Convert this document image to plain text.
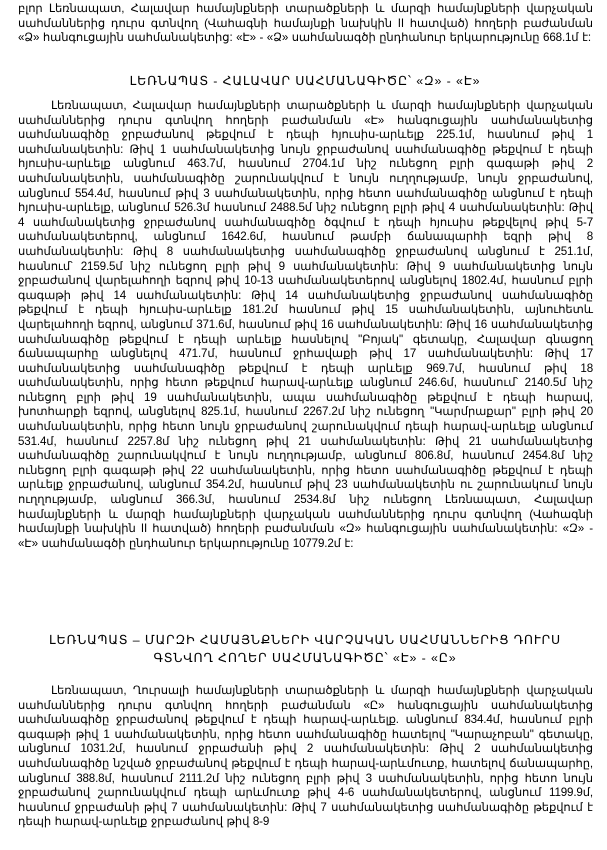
բլոր Լեռնապատ, Հալավար համայնքների տարածքների և մարզի համայնքների վարչական սահմաններից դուրս գտնվող (Վահագնի համայնքի նախկին II հատված) հողերի բաժանման «Ձ» հանգուցային սահմանակետից: «Է» - «Ձ» սահմանագծի ընդհանուր երկարությունը 668.1մ է:
ԼԵՌՆԱՊԱՏ - ՀԱԼԱՎԱՐ ՍԱՀՄԱՆԱԳԻԾԸ՝ «Զ» - «Է»
Լեռնապատ, Հալավար համայնքների տարածքների և մարզի համայնքների վարչական սահմաններից դուրս գտնվող հողերի բաժանման «Է» հանգուցային սահմանակետից սահմանագիծը ջրբաժանով թեքվում է դեպի հյուսիս-արևելք 225.1մ, հասնում թիվ 1 սահմանակետին: Թիվ 1 սահմանակետից նույն ջրբաժանով սահմանագիծը թեքվում է դեպի հյուսիս-արևելք անցնում 463.7մ, հասնում 2704.1մ նիշ ունեցող բլրի գագաթի թիվ 2 սահմանակետին, սահմանագիծը շարունակվում է նույն ուղղությամբ, նույն ջրբաժանով, անցնում 554.4մ, հասնում թիվ 3 սահմանակետին, որից հետո սահմանագիծը անցնում է դեպի հյուսիս-արևելք, անցնում 526.3մ հասնում 2488.5մ նիշ ունեցող բլրի թիվ 4 սահմանակետին: Թիվ 4 սահմանակետից ջրբաժանով սահմանագիծը ծգվում է դեպի հյուսիս թեքվելով թիվ 5-7 սահմանակետերով, անցնում 1642.6մ, հասնում թամբի ճանապարհի եզրի թիվ 8 սահմանակետին: Թիվ 8 սահմանակետից սահմանագիծը ջրբաժանով անցնում է 251.1մ, հասնում՝ 2159.5մ նիշ ունեցող բլրի թիվ 9 սահմանակետին: Թիվ 9 սահմանակետից նույն ջրբաժանով վարելահողի եզրով թիվ 10-13 սահմանակետերով անցնելով 1802.4մ, հասնում բլրի գագաթի թիվ 14 սահմանակետին: Թիվ 14 սահմանակետից ջրբաժանով սահմանագիծը թեքվում է դեպի հյուսիս-արևելք 181.2մ հասնում թիվ 15 սահմանակետին, այնուհետև վարելահողի եզրով, անցնում 371.6մ, հասնում թիվ 16 սահմանակետին: Թիվ 16 սահմանակետից սահմանագիծը թեքվում է դեպի արևելք հասնելով "Բոյակ" գետակը, Հալավար գնացող ճանապարհը անցնելով 471.7մ, հասնում ջրհավաքի թիվ 17 սահմանակետին: Թիվ 17 սահմանակետից սահմանագիծը թեքվում է դեպի արևելք 969.7մ, հասնում թիվ 18 սահմանակետին, որից հետո թեքվում հարավ-արևելք անցնում 246.6մ, հասնում՝ 2140.5մ նիշ ունեցող բլրի թիվ 19 սահմանակետին, ապա սահմանագիծը թեքվում է դեպի հարավ, խոտհարքի եզրով, անցնելով 825.1մ, հասնում 2267.2մ նիշ ունեցող "Կարմրաքար" բլրի թիվ 20 սահմանակետին, որից հետո նույն ջրբաժանով շարունակվում դեպի հարավ-արևելք անցնում 531.4մ, հասնում 2257.8մ նիշ ունեցող թիվ 21 սահմանակետին: Թիվ 21 սահմանակետից սահմանագիծը շարունակվում է նույն ուղղությամբ, անցնում 806.8մ, հասնում 2454.8մ նիշ ունեցող բլրի գագաթի թիվ 22 սահմանակետին, որից հետո սահմանագիծը թեքվում է դեպի արևելք ջրբաժանով, անցնում 354.2մ, հասնում թիվ 23 սահմանակետին ու շարունակում նույն ուղղությամբ, անցնում 366.3մ, հասնում 2534.8մ նիշ ունեցող Լեռնապատ, Հալավար համայնքների և մարզի համայնքների վարչական սահմաններից դուրս գտնվող (Վահագնի համայնքի նախկին II հատված) հողերի բաժանման «Զ» հանգուցային սահմանակետին: «Զ» - «Է» սահմանագծի ընդհանուր երկարությունը 10779.2մ է:
ԼԵՌՆԱՊԱՏ – ՄԱՐԶԻ ՀԱՄԱՅՆՔՆԵՐԻ ՎԱՐՉԱԿԱՆ ՍԱՀՄԱՆՆԵՐԻՑ ԴՈՒՐՍ ԳՏՆՎՈՂ ՀՈՂԵՐ ՍԱՀՄԱՆԱԳԻԾԸ՝ «Է» - «Ը»
Լեռնապատ, Ղուրսալի համայնքների տարածքների և մարզի համայնքների վարչական սահմաններից դուրս գտնվող հողերի բաժանման «Ը» հանգուցային սահմանակետից սահմանագիծը ջրբաժանով թեքվում է դեպի հարավ-արևելք. անցնում 834.4մ, հասնում բլրի գագաթի թիվ 1 սահմանակետին, որից հետո սահմանագիծը հատելով "Կարաչոբան" գետակը, անցնում 1031.2մ, հասնում ջրբաժանի թիվ 2 սահմանակետին: Թիվ 2 սահմանակետից սահմանագիծը նշված ջրբաժանով թեքվում է դեպի հարավ-արևմուտք, հատելով ճանապարհը, անցնում 388.8մ, հասնում 2111.2մ նիշ ունեցող բլրի թիվ 3 սահմանակետին, որից հետո նույն ջրբաժանով շարունակվում դեպի արևմուտք թիվ 4-6 սահմանակետերով, անցնում 1199.9մ, հասնում ջրբաժանի թիվ 7 սահմանակետին: Թիվ 7 սահմանակետից սահմանագիծը թեքվում է դեպի հարավ-արևելք ջրբաժանով թիվ 8-9
